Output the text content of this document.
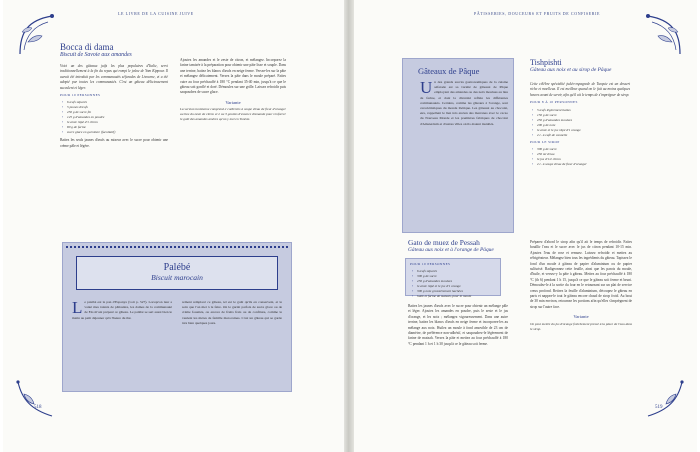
LE LIVRE DE LA CUISINE JUIVE	PÂTISSERIES, DOUCEURS ET FRUITS DE CONFISERIE
Bocca di dama
Biscuit de Savoie aux amandes

Voici un des gâteaux juifs les plus populaires d'Italie, servi traditionnellement à la fin du repas qui rompt le jeûne de Yom Kippour. Il aurait été introduit par les communautés séfarades de Livourne, et a été adopté par toutes les communautés. C'est un gâteau délicieusement succulent et léger.

POUR 10 PERSONNES
• 6 œufs séparés
• 5 jaunes d'œufs
• 250 g de sucre fin
• 125 g d'amandes en poudre
• le zeste râpé d'1 citron
• 80 g de farine
• sucre glace en garniture (facultatif)

Battez les seuls jaunes d'œufs au mixeur avec le sucre pour obtenir une crème pâle et légère.

Ajoutez les amandes et le zeste de citron, et mélangez. Incorporez la farine tamisée à la préparation pour obtenir une pâte lisse et souple. Dans une terrine, battez les blancs d'œufs en neige ferme. Versez-les sur la pâte et mélangez délicatement. Versez la pâte dans le moule préparé. Faites cuire au four préchauffé à 180 °C pendant 35-40 min, jusqu'à ce que le gâteau soit gonflé et doré. Démoulez sur une grille. Laissez refroidir puis saupoudrez de sucre glace.

Variante
La version tunisienne comprend 2 cuillerées à soupe d'eau de fleur d'oranger au lieu du zeste de citron et 2 ou 3 gouttes d'essence d'amande pour renforcer le goût des amandes amères qu'on y met en Tunisie.
Palébé
Biscuit marocain
L e palébé est le pan d'Espanya (voir p. 527). Lorsqu'on leur a vanté mes talents de pâtissière, les dames de la communauté de Fès m'ont préparé ce gâteau. Le palébé se sert aussi bien le matin au petit déjeuner qu'à l'heure du thé.
rement remplacé ce gâteau, tel est le goût qu'ils en conservent, et le soin que l'on met à le faire. On le garnit parfois de sucre glace ou de crème fouettée, ou encore de fruits frais ou de confiture, comme le veulent les mères de famille marocaines. C'est un gâteau qui se garde très bien quelques jours.
518
Gâteaux de Pâque
U n des grands succès gastronomiques de la cuisine séfarade est sa variété de gâteaux de Pâque employant des amandes ou des noix moulues au lieu de farine, et dont la diversité reflète les différentes communautés. Certains, comme les gâteaux à l'orange, sont caractéristiques du monde ibérique. Les gâteaux au chocolat, eux, rappellent le lien très ancien des marranes avec le cacao du Nouveau Monde et les premières fabriques de chocolat d'Amsterdam et d'autres villes où ils étaient installés.
Gato de muez de Pessah
Gâteau aux noix et à l'orange de Pâque
POUR 10 PERSONNES
• 6 œufs séparés
• 300 g de sucre
• 250 g d'amandes moulues
• le zeste râpé et le jus d'1 orange
• 300 g noix grossièrement hachées
• huile et farine de matzah, pour le moule

Battez les jaunes d'œufs avec le sucre pour obtenir un mélange pâle et léger. Ajoutez les amandes en poudre, puis le zeste et le jus d'orange, et les noix ; mélangez vigoureusement. Dans une autre terrine, battez les blancs d'œufs en neige ferme et incorporez-les au mélange aux noix. Huilez un moule à fond amovible de 23 cm de diamètre, de préférence non-adhésif, et saupoudrez-le légèrement de farine de matzah. Versez la pâte et mettez au four préchauffé à 180 °C pendant 1 h et 1 h 30 jusqu'à ce le gâteau soit ferme.

Tishpishti
Gâteau aux noix et au sirop de Pâque

Cette célèbre spécialité judéo-espagnole de Turquie est un dessert riche et moelleux. Il est meilleur quand on le fait au moins quelques heures avant de servir, afin qu'il ait le temps de s'imprégner de sirop.

POUR 8 À 10 PERSONNES
• 5 œufs légèrement battus
• 150 g de sucre
• 250 g d'amandes moulues
• 200 g de noix
• le zeste et le jus râpé d'1 orange
• 2 c. à café de cannelle
POUR LE SIROP
• 300 g de sucre
• 250 ml d'eau
• le jus d'1/2 citron
• 2 c. à soupe d'eau de fleur d'oranger

Préparez d'abord le sirop afin qu'il ait le temps de refroidir. Faites bouillir l'eau et le sucre avec le jus de citron pendant 10-15 min. Ajoutez l'eau de rose et remuez. Laissez refroidir et mettez au réfrigérateur. Mélangez bien tous les ingrédients du gâteau. Tapissez le fond d'un moule à gâteau de papier d'aluminium ou de papier sulfurisé. Badigeonnez cette feuille, ainsi que les parois du moule, d'huile, et versez-y la pâte à gâteau. Mettez au four préchauffé à 180 °C (th 6) pendant 1 h 15, jusqu'à ce que le gâteau soit ferme et bruni. Démoulez-le à la sortie du four en le retournant sur un plat de service creux profond. Retirez la feuille d'aluminium, découpez le gâteau en parts et nappez-le tout le gâteau encore chaud de sirop froid. Au bout de 30 min environ, retournez les portions afin qu'elles s'imprègnent de sirop sur l'autre face.

Variante
On peut mettre du jus d'orange fraîchement pressé à la place de l'eau dans le sirop.
519
